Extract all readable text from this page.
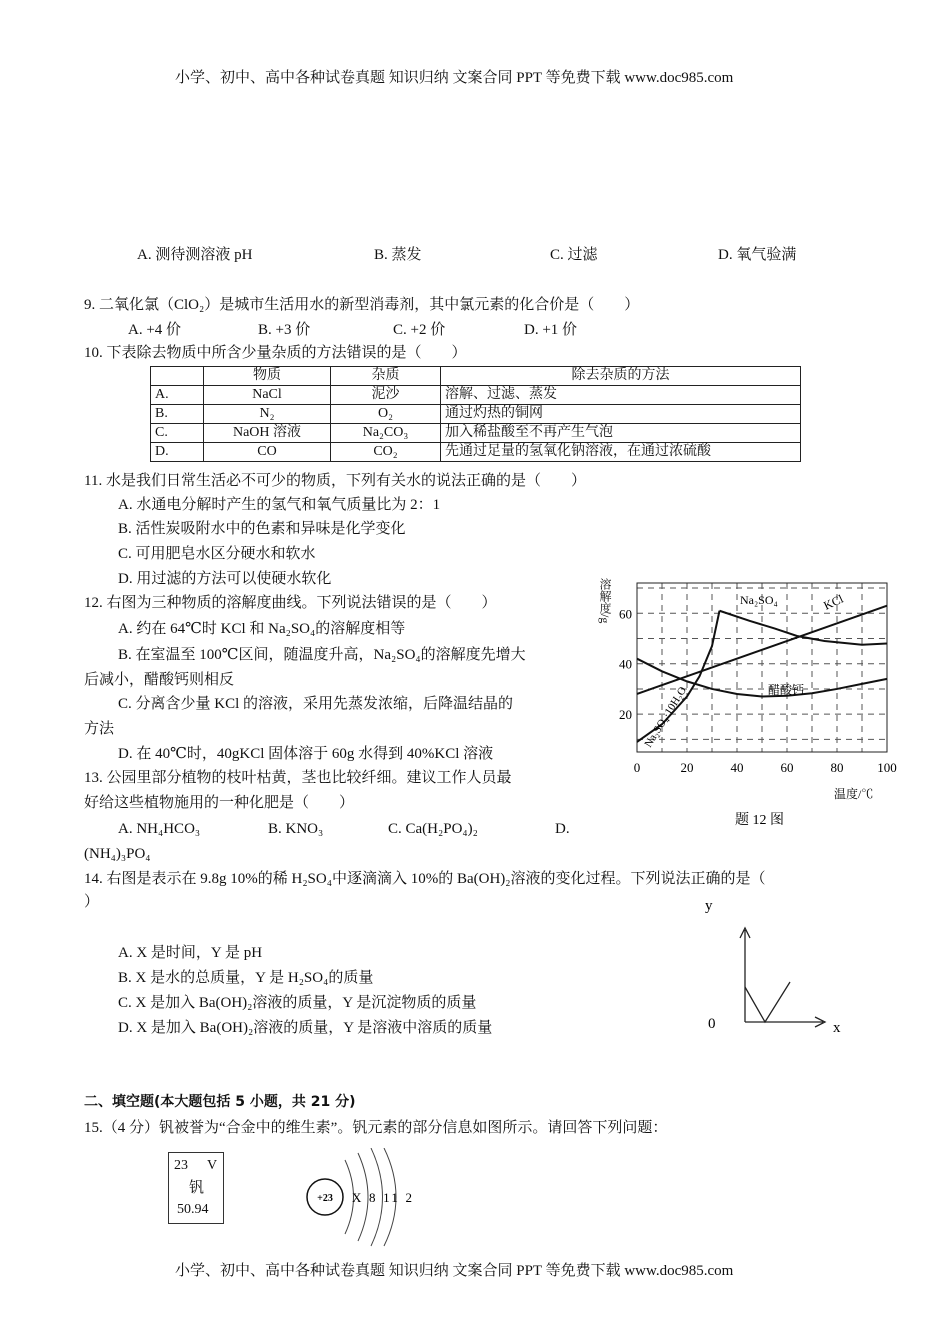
小学、初中、高中各种试卷真题 知识归纳 文案合同 PPT 等免费下载 www.doc985.com
A. 测待测溶液 pH	B. 蒸发	C. 过滤	D. 氧气验满
9. 二氧化氯（ClO₂）是城市生活用水的新型消毒剂，其中氯元素的化合价是（　　）
A. +4 价	B. +3 价	C. +2 价	D. +1 价
10. 下表除去物质中所含少量杂质的方法错误的是（　　）
	物质	杂质	除去杂质的方法
A.	NaCl	泥沙	溶解、过滤、蒸发
B.	N₂	O₂	通过灼热的铜网
C.	NaOH 溶液	Na₂CO₃	加入稀盐酸至不再产生气泡
D.	CO	CO₂	先通过足量的氢氧化钠溶液，在通过浓硫酸
11. 水是我们日常生活必不可少的物质，下列有关水的说法正确的是（　　）
A. 水通电分解时产生的氢气和氧气质量比为 2：1
B. 活性炭吸附水中的色素和异味是化学变化
C. 可用肥皂水区分硬水和软水
D. 用过滤的方法可以使硬水软化
12. 右图为三种物质的溶解度曲线。下列说法错误的是（　　）
A. 约在 64℃时 KCl 和 Na₂SO₄的溶解度相等
B. 在室温至 100℃区间，随温度升高，Na₂SO₄的溶解度先增大
后减小，醋酸钙则相反
C. 分离含少量 KCl 的溶液，采用先蒸发浓缩，后降温结晶的
方法
D. 在 40℃时，40gKCl 固体溶于 60g 水得到 40%KCl 溶液
溶解度/g
0	20	40	60	80	100
20
40
60
温度/℃
题 12 图
Na₂SO₄	KCl
醋酸钙
Na₂SO₄·10H₂O
13. 公园里部分植物的枝叶枯黄，茎也比较纤细。建议工作人员最
好给这些植物施用的一种化肥是（　　）
A. NH₄HCO₃	B. KNO₃	C. Ca(H₂PO₄)₂	D.
(NH₄)₃PO₄
14. 右图是表示在 9.8g 10%的稀 H₂SO₄中逐滴滴入 10%的 Ba(OH)₂溶液的变化过程。下列说法正确的是（
）
A. X 是时间，Y 是 pH
B. X 是水的总质量，Y 是 H₂SO₄的质量
C. X 是加入 Ba(OH)₂溶液的质量，Y 是沉淀物质的质量
D. X 是加入 Ba(OH)₂溶液的质量，Y 是溶液中溶质的质量
y
0	x
二、填空题(本大题包括 5 小题，共 21 分)
15.（4 分）钒被誉为“合金中的维生素”。钒元素的部分信息如图所示。请回答下列问题：
23 V
钒
50.94
+23 X 8 11 2
小学、初中、高中各种试卷真题 知识归纳 文案合同 PPT 等免费下载 www.doc985.com
